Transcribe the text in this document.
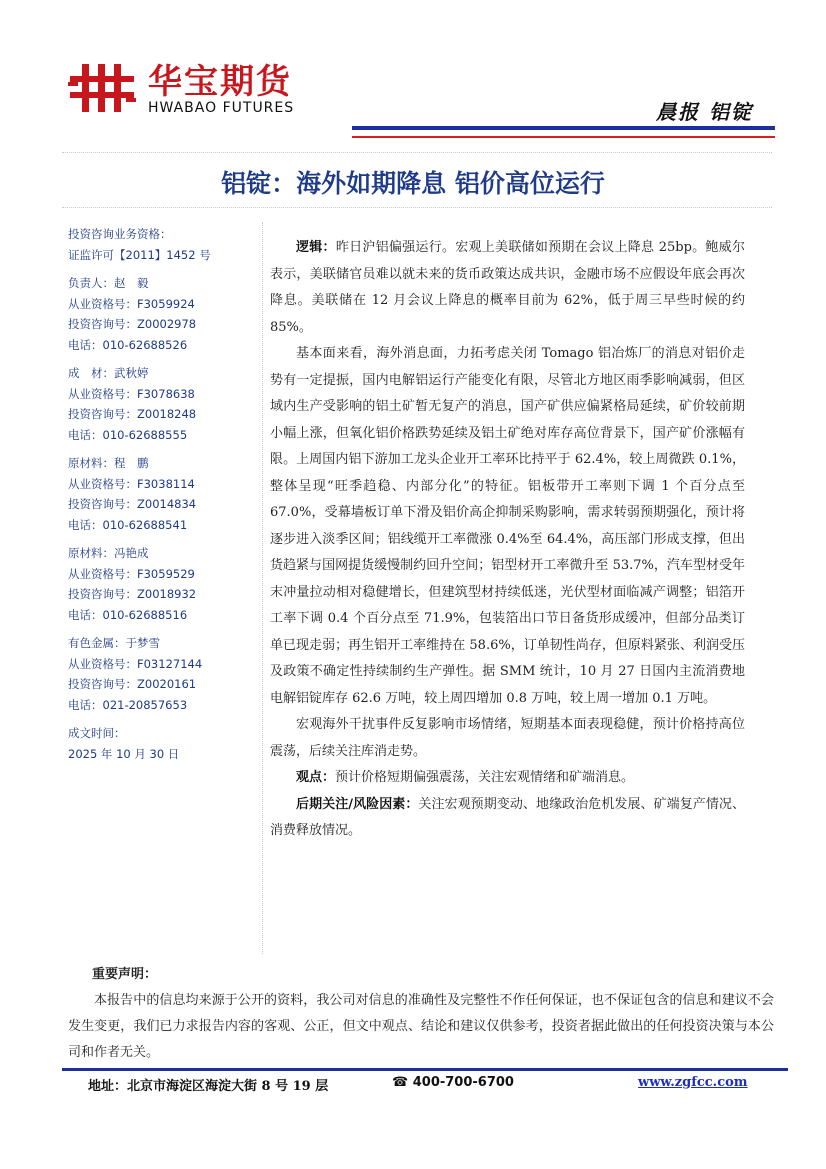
华宝期货
HWABAO FUTURES	晨报 铝锭
铝锭：海外如期降息 铝价高位运行
投资咨询业务资格：
证监许可【2011】1452 号
负责人：赵　毅
从业资格号：F3059924
投资咨询号：Z0002978
电话：010-62688526
成　材：武秋婷
从业资格号：F3078638
投资咨询号：Z0018248
电话：010-62688555
原材料：程　鹏
从业资格号：F3038114
投资咨询号：Z0014834
电话：010-62688541
原材料：冯艳成
从业资格号：F3059529
投资咨询号：Z0018932
电话：010-62688516
有色金属：于梦雪
从业资格号：F03127144
投资咨询号：Z0020161
电话：021-20857653
成文时间：
2025 年 10 月 30 日

逻辑：昨日沪铝偏强运行。宏观上美联储如预期在会议上降息 25bp。鲍威尔表示，美联储官员难以就未来的货币政策达成共识，金融市场不应假设年底会再次降息。美联储在 12 月会议上降息的概率目前为 62%，低于周三早些时候的约 85%。

基本面来看，海外消息面，力拓考虑关闭 Tomago 铝冶炼厂的消息对铝价走势有一定提振，国内电解铝运行产能变化有限，尽管北方地区雨季影响减弱，但区域内生产受影响的铝土矿暂无复产的消息，国产矿供应偏紧格局延续，矿价较前期小幅上涨，但氧化铝价格跌势延续及铝土矿绝对库存高位背景下，国产矿价涨幅有限。上周国内铝下游加工龙头企业开工率环比持平于 62.4%，较上周微跌 0.1%，整体呈现“旺季趋稳、内部分化”的特征。铝板带开工率则下调 1 个百分点至 67.0%，受幕墙板订单下滑及铝价高企抑制采购影响，需求转弱预期强化，预计将逐步进入淡季区间；铝线缆开工率微涨 0.4%至 64.4%，高压部门形成支撑，但出货趋紧与国网提货缓慢制约回升空间；铝型材开工率微升至 53.7%，汽车型材受年末冲量拉动相对稳健增长，但建筑型材持续低迷，光伏型材面临减产调整；铝箔开工率下调 0.4 个百分点至 71.9%，包装箔出口节日备货形成缓冲，但部分品类订单已现走弱；再生铝开工率维持在 58.6%，订单韧性尚存，但原料紧张、利润受压及政策不确定性持续制约生产弹性。据 SMM 统计，10 月 27 日国内主流消费地电解铝锭库存 62.6 万吨，较上周四增加 0.8 万吨，较上周一增加 0.1 万吨。

宏观海外干扰事件反复影响市场情绪，短期基本面表现稳健，预计价格持高位震荡，后续关注库消走势。

观点：预计价格短期偏强震荡，关注宏观情绪和矿端消息。

后期关注/风险因素：关注宏观预期变动、地缘政治危机发展、矿端复产情况、消费释放情况。

重要声明：

本报告中的信息均来源于公开的资料，我公司对信息的准确性及完整性不作任何保证，也不保证包含的信息和建议不会发生变更，我们已力求报告内容的客观、公正，但文中观点、结论和建议仅供参考，投资者据此做出的任何投资决策与本公司和作者无关。

地址：北京市海淀区海淀大街 8 号 19 层	☎ 400-700-6700	www.zgfcc.com
